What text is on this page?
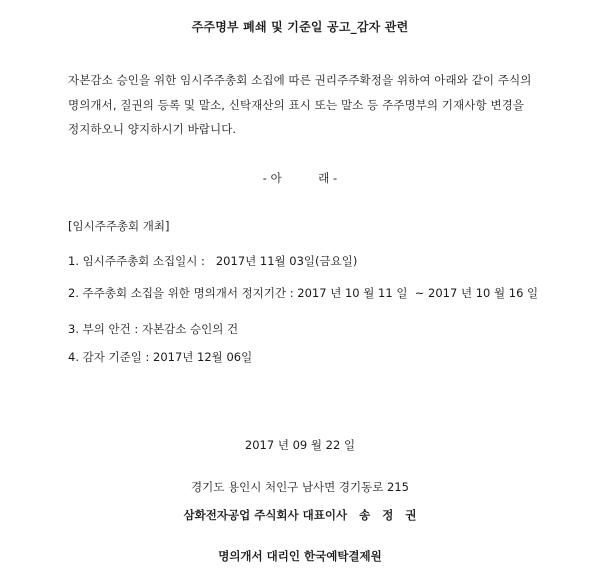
주주명부 폐쇄 및 기준일 공고_감자 관련
자본감소 승인을 위한 임시주주총회 소집에 따른 권리주주확정을 위하여 아래와 같이 주식의
명의개서, 질권의 등록 및 말소, 신탁재산의 표시 또는 말소 등 주주명부의 기재사항 변경을
정지하오니 양지하시기 바랍니다.
- 아          래 -
[임시주주총회 개최]
1. 임시주주총회 소집일시 :   2017년 11월 03일(금요일)
2. 주주총회 소집을 위한 명의개서 정지기간 : 2017 년 10 월 11 일  ~ 2017 년 10 월 16 일
3. 부의 안건 : 자본감소 승인의 건
4. 감자 기준일 : 2017년 12월 06일
2017 년 09 월 22 일
경기도 용인시 처인구 남사면 경기동로 215
삼화전자공업 주식회사 대표이사   송   정   권
명의개서 대리인 한국예탁결제원
